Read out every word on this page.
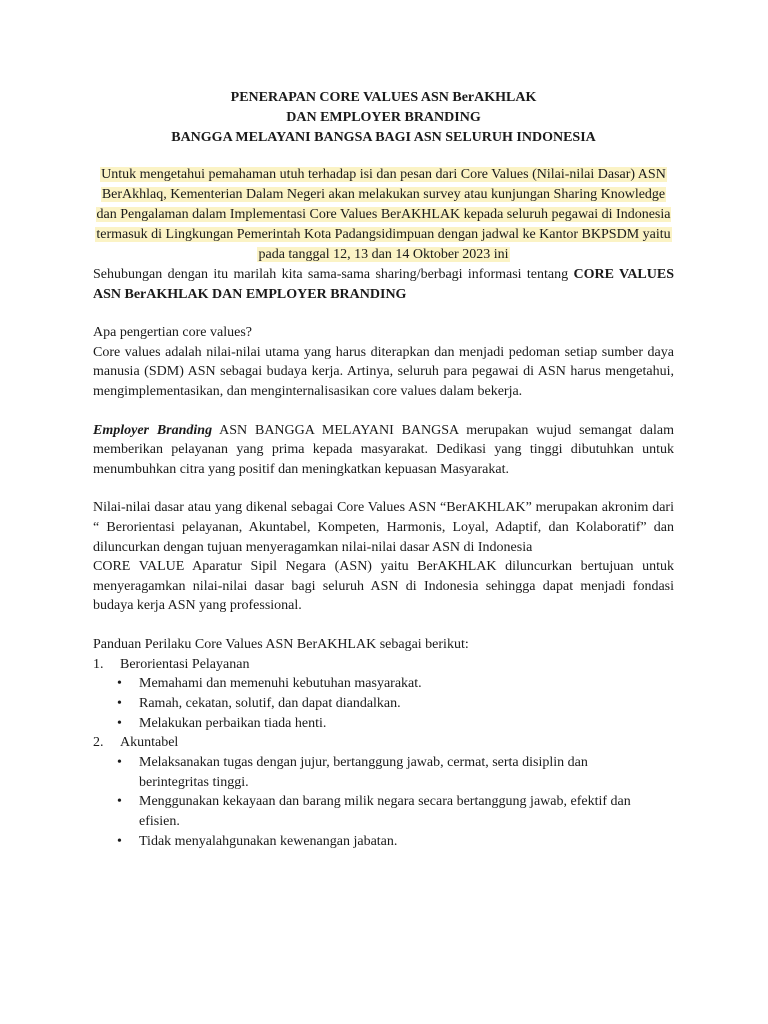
PENERAPAN CORE VALUES ASN BerAKHLAK
DAN EMPLOYER BRANDING
BANGGA MELAYANI BANGSA BAGI ASN SELURUH INDONESIA
Untuk mengetahui pemahaman utuh terhadap isi dan pesan dari Core Values (Nilai-nilai Dasar) ASN BerAkhlaq, Kementerian Dalam Negeri akan melakukan survey atau kunjungan Sharing Knowledge dan Pengalaman dalam Implementasi Core Values BerAKHLAK kepada seluruh pegawai di Indonesia termasuk di Lingkungan Pemerintah Kota Padangsidimpuan dengan jadwal ke Kantor BKPSDM yaitu pada tanggal 12, 13 dan 14 Oktober 2023 ini

Sehubungan dengan itu marilah kita sama-sama sharing/berbagi informasi tentang CORE VALUES ASN BerAKHLAK DAN EMPLOYER BRANDING

Apa pengertian core values?

Core values adalah nilai-nilai utama yang harus diterapkan dan menjadi pedoman setiap sumber daya manusia (SDM) ASN sebagai budaya kerja. Artinya, seluruh para pegawai di ASN harus mengetahui, mengimplementasikan, dan menginternalisasikan core values dalam bekerja.

Employer Branding ASN BANGGA MELAYANI BANGSA merupakan wujud semangat dalam memberikan pelayanan yang prima kepada masyarakat. Dedikasi yang tinggi dibutuhkan untuk menumbuhkan citra yang positif dan meningkatkan kepuasan Masyarakat.

Nilai-nilai dasar atau yang dikenal sebagai Core Values ASN “BerAKHLAK” merupakan akronim dari “ Berorientasi pelayanan, Akuntabel, Kompeten, Harmonis, Loyal, Adaptif, dan Kolaboratif” dan diluncurkan dengan tujuan menyeragamkan nilai-nilai dasar ASN di Indonesia

CORE VALUE Aparatur Sipil Negara (ASN) yaitu BerAKHLAK diluncurkan bertujuan untuk menyeragamkan nilai-nilai dasar bagi seluruh ASN di Indonesia sehingga dapat menjadi fondasi budaya kerja ASN yang professional.

Panduan Perilaku Core Values ASN BerAKHLAK sebagai berikut:

1. Berorientasi Pelayanan
• Memahami dan memenuhi kebutuhan masyarakat.
• Ramah, cekatan, solutif, dan dapat diandalkan.
• Melakukan perbaikan tiada henti.
2. Akuntabel
• Melaksanakan tugas dengan jujur, bertanggung jawab, cermat, serta disiplin dan berintegritas tinggi.
• Menggunakan kekayaan dan barang milik negara secara bertanggung jawab, efektif dan efisien.
• Tidak menyalahgunakan kewenangan jabatan.
